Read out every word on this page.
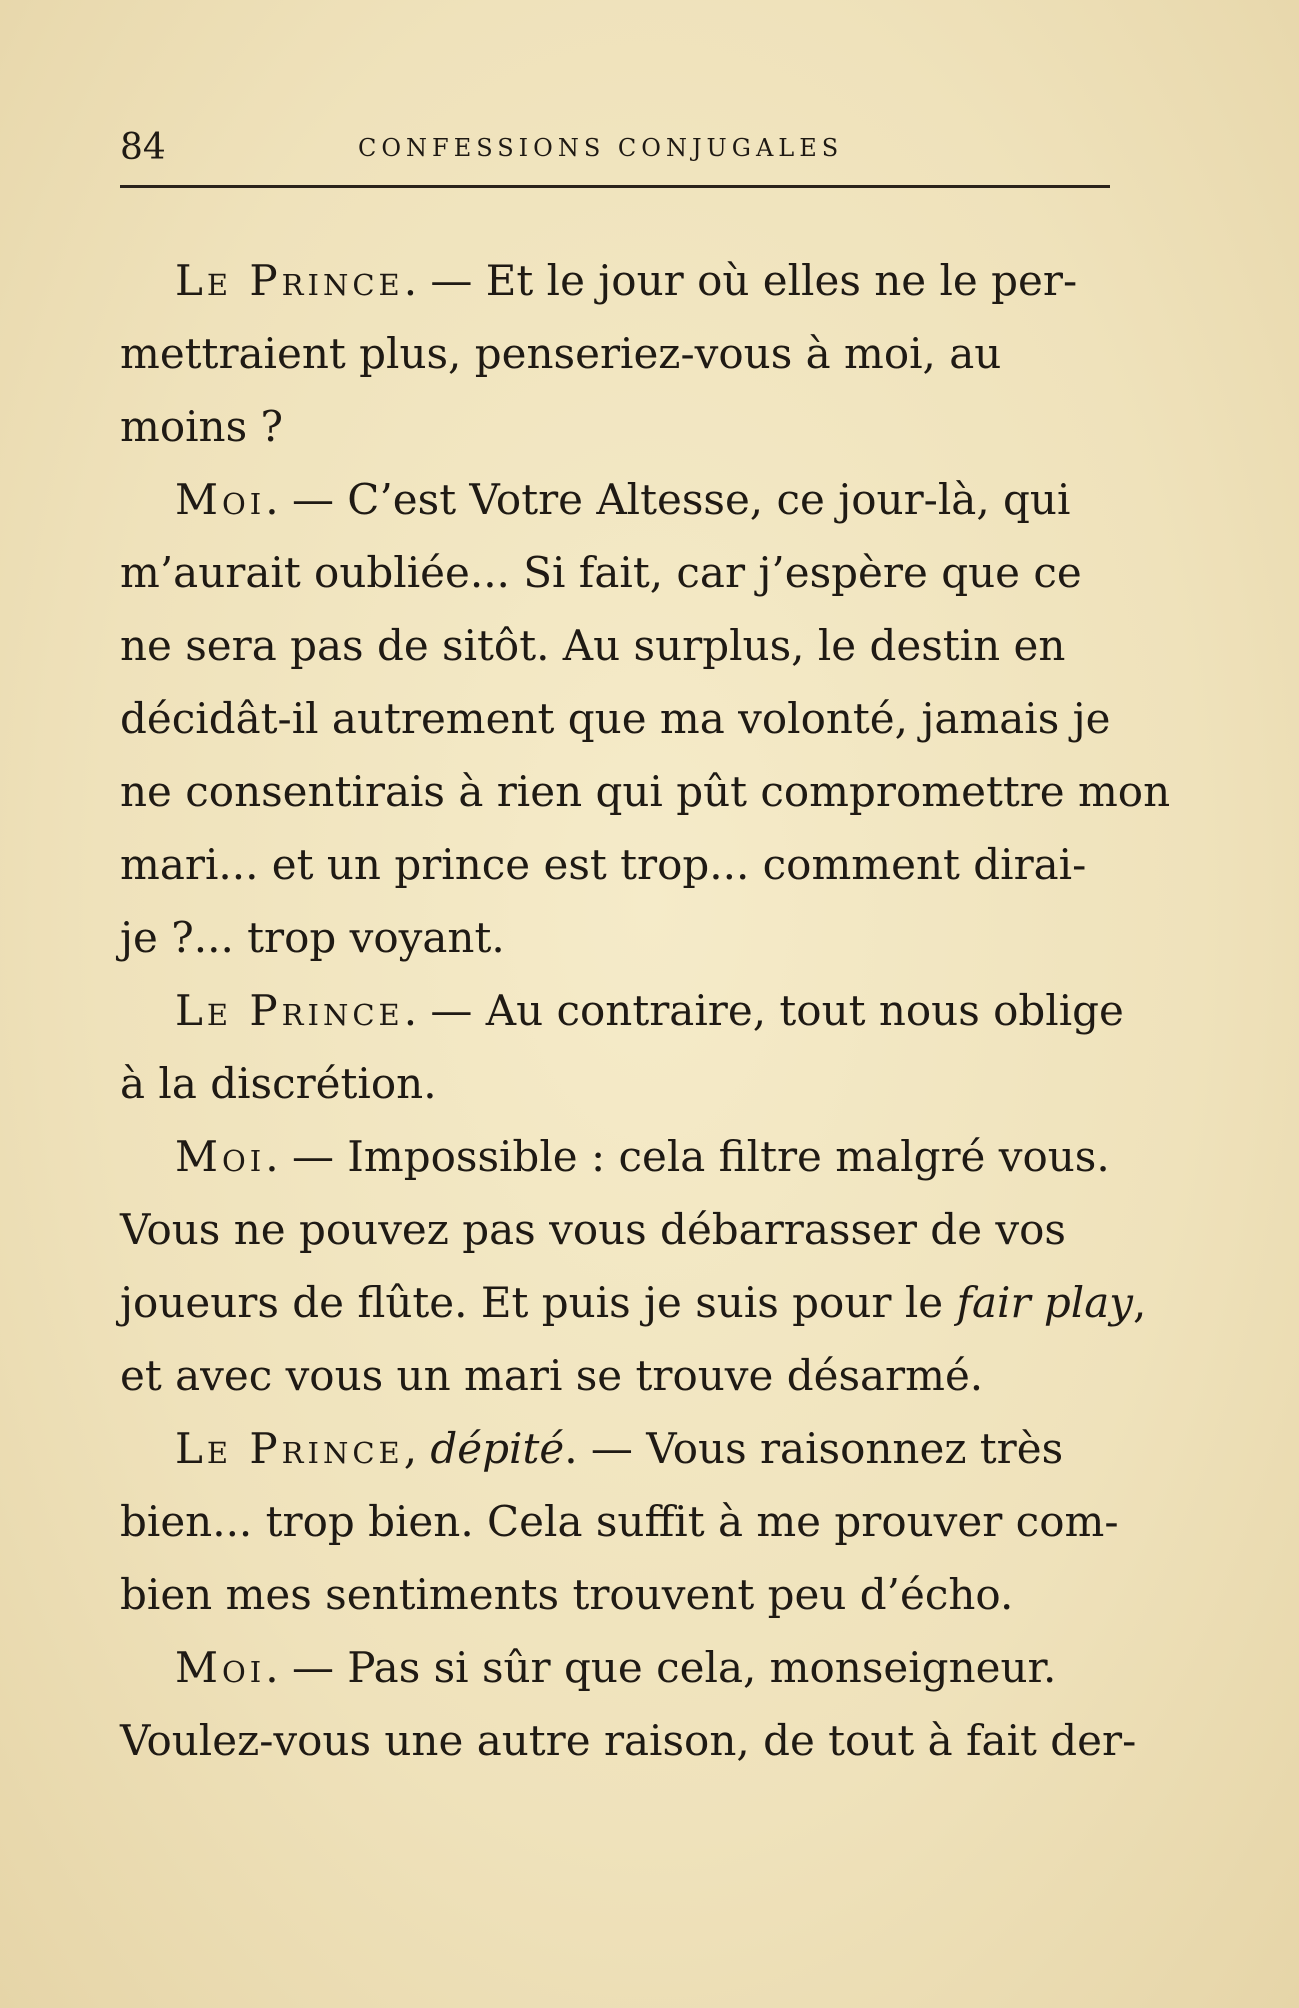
84	CONFESSIONS CONJUGALES
Le Prince. — Et le jour où elles ne le per-
mettraient plus, penseriez-vous à moi, au
moins ?
Moi. — C’est Votre Altesse, ce jour-là, qui
m’aurait oubliée... Si fait, car j’espère que ce
ne sera pas de sitôt. Au surplus, le destin en
décidât-il autrement que ma volonté, jamais je
ne consentirais à rien qui pût compromettre mon
mari... et un prince est trop... comment dirai-
je ?... trop voyant.
Le Prince. — Au contraire, tout nous oblige
à la discrétion.
Moi. — Impossible : cela filtre malgré vous.
Vous ne pouvez pas vous débarrasser de vos
joueurs de flûte. Et puis je suis pour le fair play,
et avec vous un mari se trouve désarmé.
Le Prince, dépité. — Vous raisonnez très
bien... trop bien. Cela suffit à me prouver com-
bien mes sentiments trouvent peu d’écho.
Moi. — Pas si sûr que cela, monseigneur.
Voulez-vous une autre raison, de tout à fait der-
